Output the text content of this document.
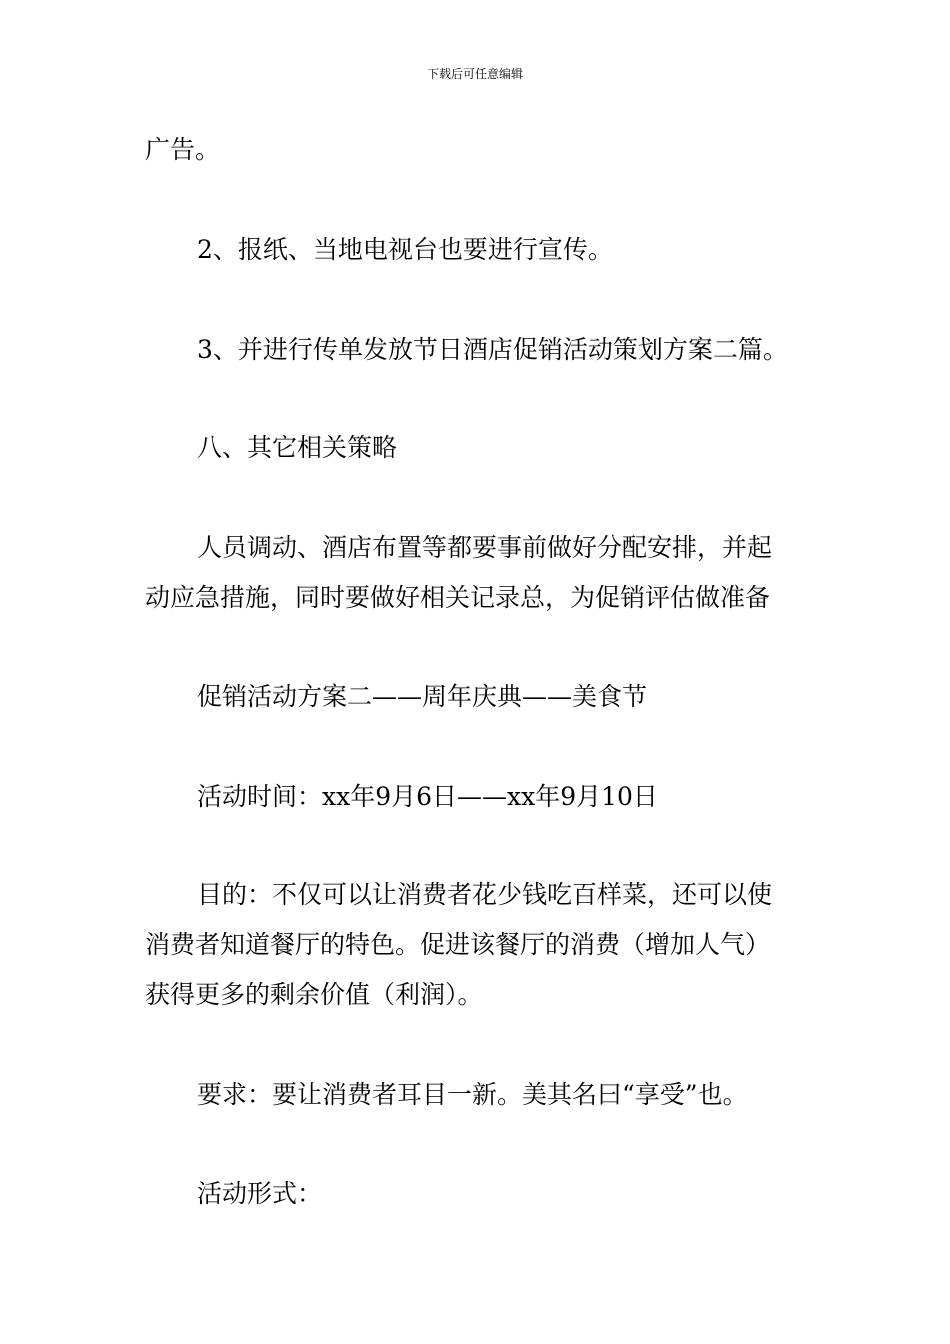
下载后可任意编辑

广告。

2、报纸、当地电视台也要进行宣传。

3、并进行传单发放节日酒店促销活动策划方案二篇。

八、其它相关策略

人员调动、酒店布置等都要事前做好分配安排，并起

动应急措施，同时要做好相关记录总，为促销评估做准备

促销活动方案二——周年庆典——美食节

活动时间：xx年9月6日——xx年9月10日

目的：不仅可以让消费者花少钱吃百样菜，还可以使

消费者知道餐厅的特色。促进该餐厅的消费（增加人气）

获得更多的剩余价值（利润）。

要求：要让消费者耳目一新。美其名曰“享受”也。

活动形式：
